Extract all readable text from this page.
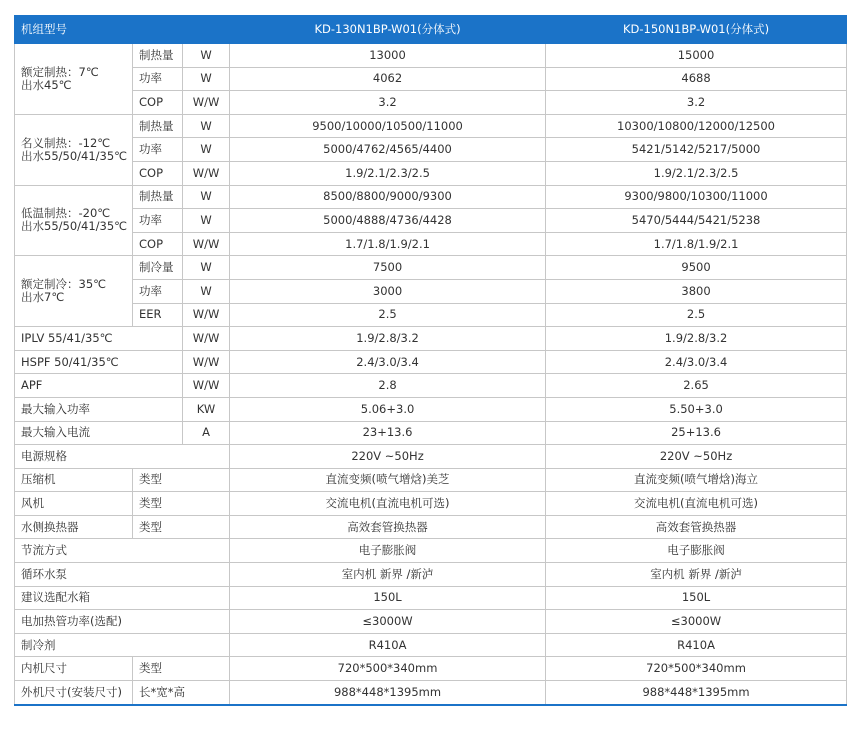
机组型号			KD-130N1BP-W01(分体式)	KD-150N1BP-W01(分体式)
额定制热：7℃
出水45℃	制热量	W	13000	15000
	功率	W	4062	4688
	COP	W/W	3.2	3.2
名义制热：-12℃
出水55/50/41/35℃	制热量	W	9500/10000/10500/11000	10300/10800/12000/12500
	功率	W	5000/4762/4565/4400	5421/5142/5217/5000
	COP	W/W	1.9/2.1/2.3/2.5	1.9/2.1/2.3/2.5
低温制热：-20℃
出水55/50/41/35℃	制热量	W	8500/8800/9000/9300	9300/9800/10300/11000
	功率	W	5000/4888/4736/4428	5470/5444/5421/5238
	COP	W/W	1.7/1.8/1.9/2.1	1.7/1.8/1.9/2.1
额定制冷：35℃
出水7℃	制冷量	W	7500	9500
	功率	W	3000	3800
	EER	W/W	2.5	2.5
IPLV 55/41/35℃		W/W	1.9/2.8/3.2	1.9/2.8/3.2
HSPF 50/41/35℃		W/W	2.4/3.0/3.4	2.4/3.0/3.4
APF		W/W	2.8	2.65
最大输入功率		KW	5.06+3.0	5.50+3.0
最大输入电流		A	23+13.6	25+13.6
电源规格			220V ~50Hz	220V ~50Hz
压缩机	类型		直流变频(喷气增焓)美芝	直流变频(喷气增焓)海立
风机	类型		交流电机(直流电机可选)	交流电机(直流电机可选)
水侧换热器	类型		高效套管换热器	高效套管换热器
节流方式			电子膨胀阀	电子膨胀阀
循环水泵			室内机 新界 /新泸	室内机 新界 /新泸
建议选配水箱			150L	150L
电加热管功率(选配)			≤3000W	≤3000W
制冷剂			R410A	R410A
内机尺寸	类型		720*500*340mm	720*500*340mm
外机尺寸(安装尺寸)	长*宽*高		988*448*1395mm	988*448*1395mm
